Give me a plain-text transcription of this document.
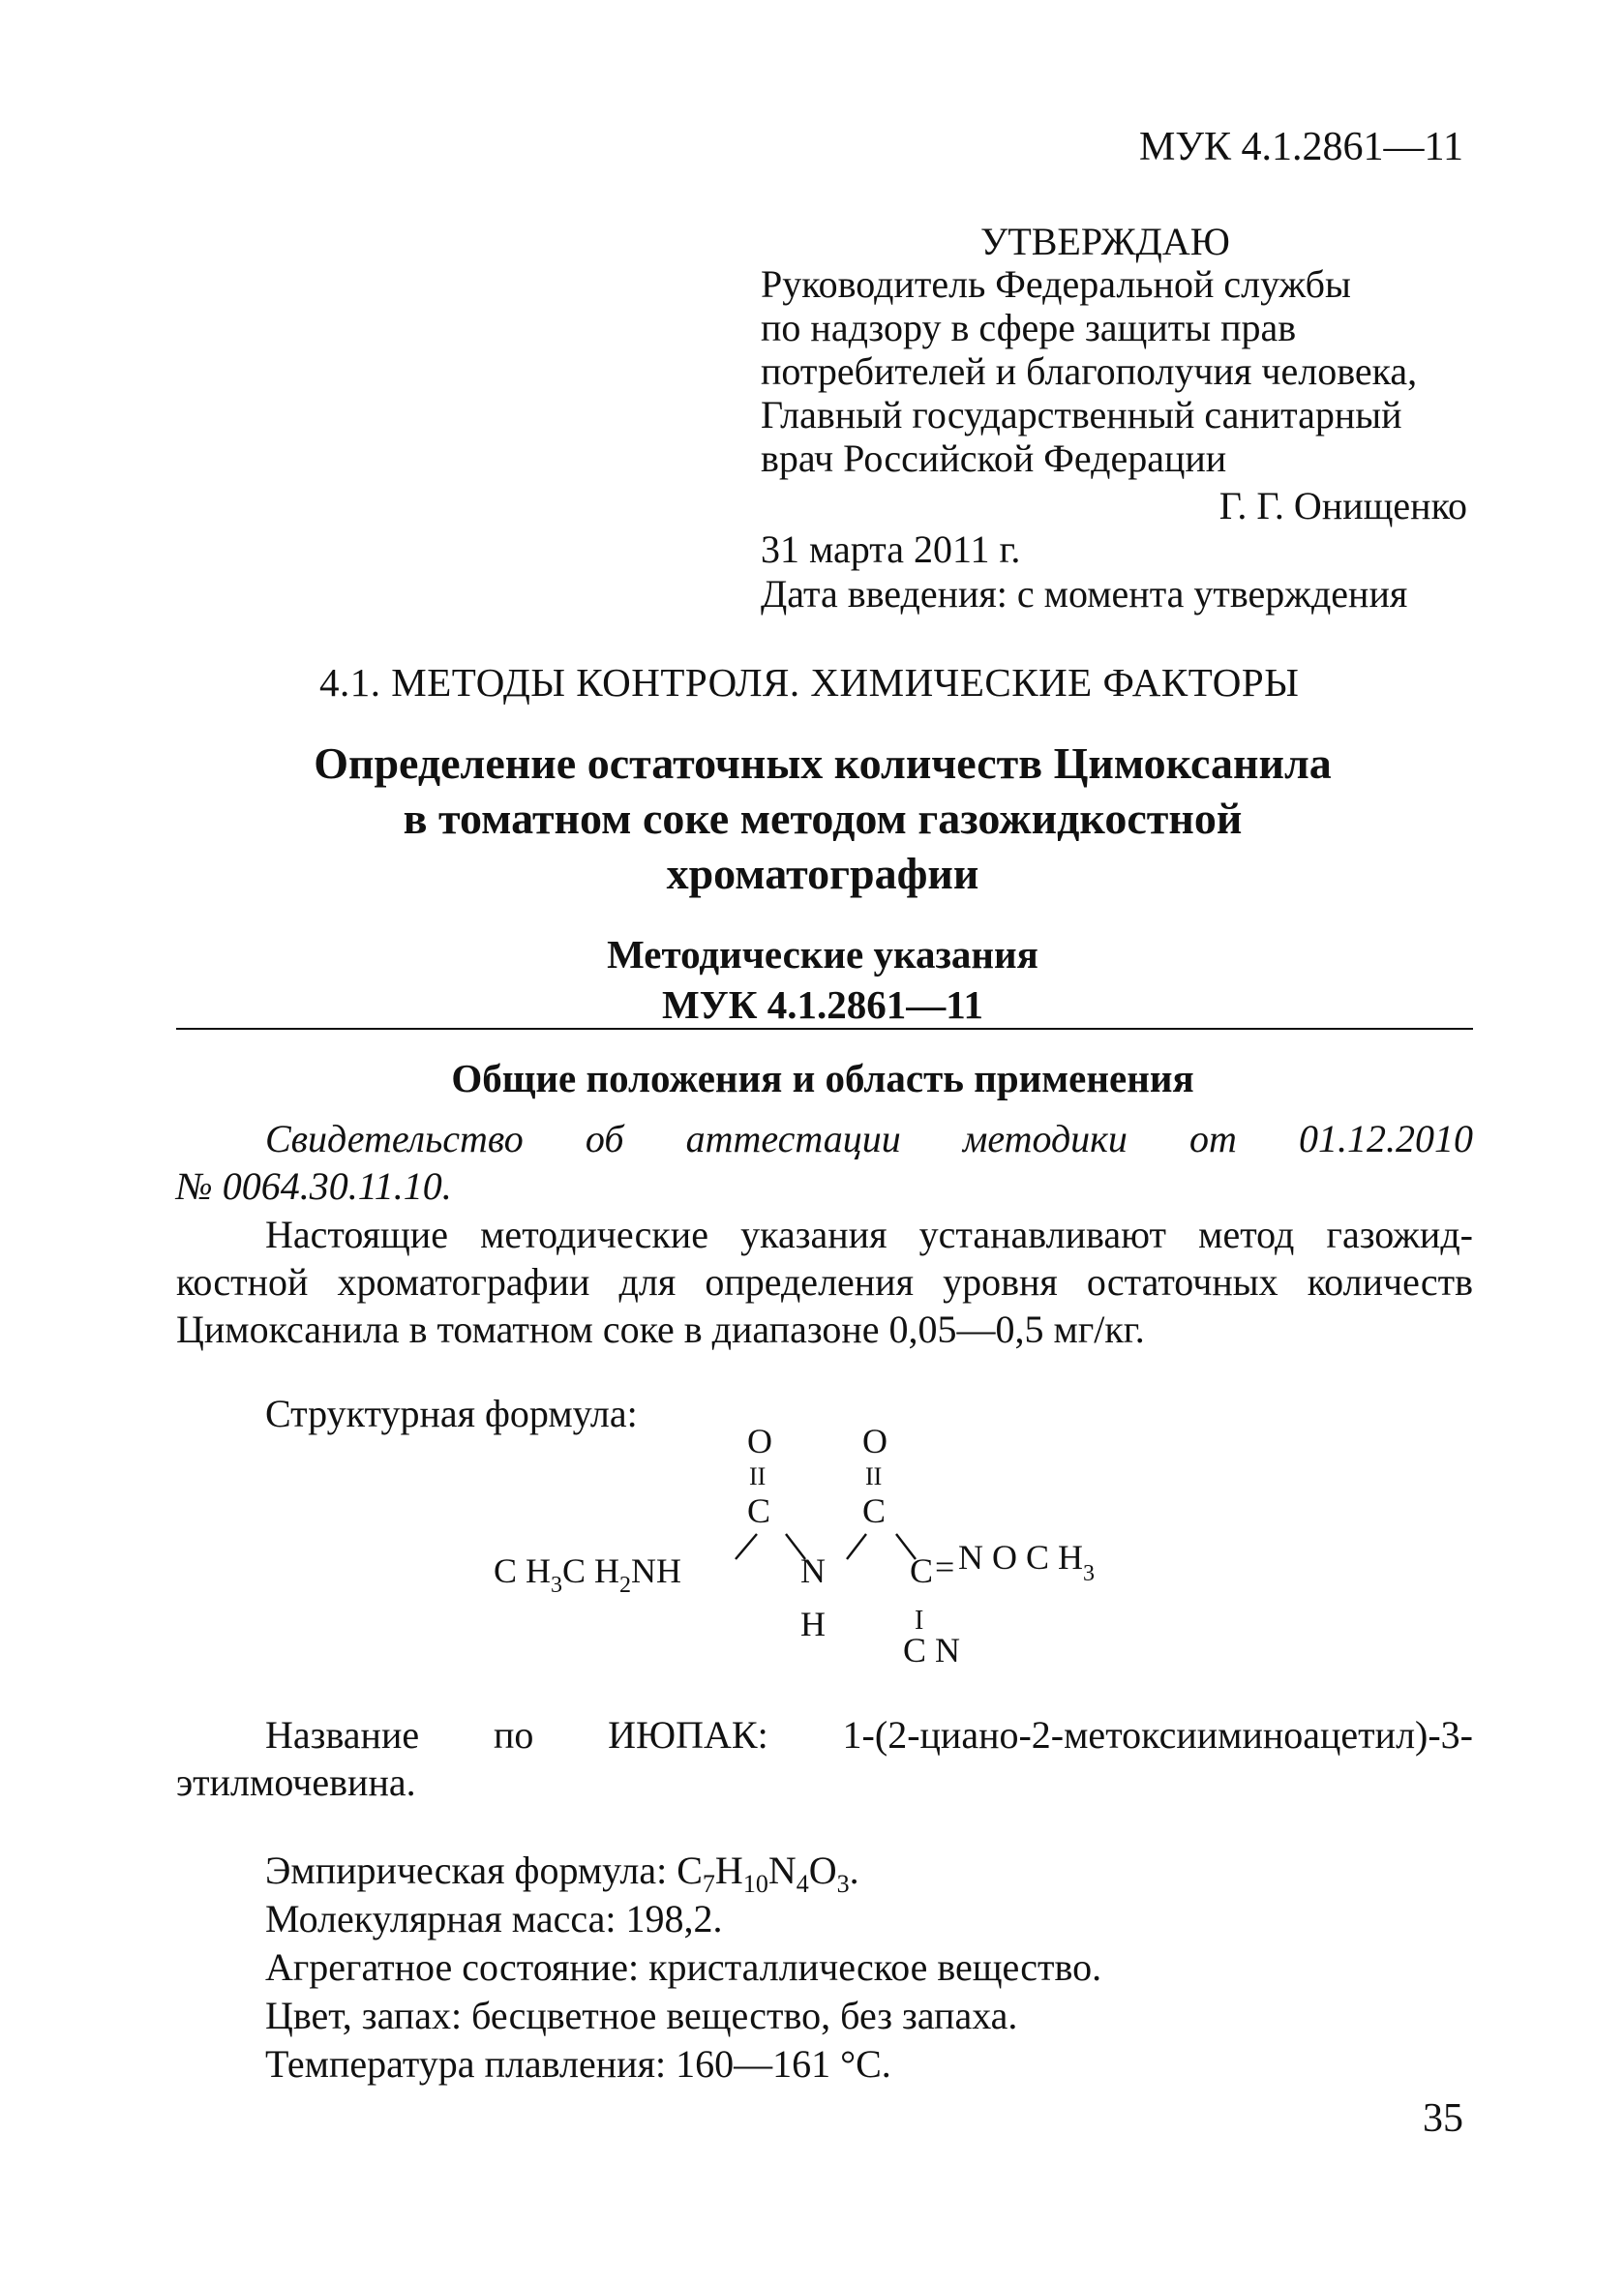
МУК 4.1.2861—11

УТВЕРЖДАЮ

Руководитель Федеральной службы
по надзору в сфере защиты прав
потребителей и благополучия человека,
Главный государственный санитарный
врач Российской Федерации

Г. Г. Онищенко

31 марта 2011 г.

Дата введения: с момента утверждения

4.1. МЕТОДЫ КОНТРОЛЯ. ХИМИЧЕСКИЕ ФАКТОРЫ

Определение остаточных количеств Цимоксанила
в томатном соке методом газожидкостной
хроматографии
Методические указания
МУК 4.1.2861—11

Общие положения и область применения

Свидетельство об аттестации методики от 01.12.2010
№ 0064.30.11.10.
Настоящие методические указания устанавливают метод газожид-
костной хроматографии для определения уровня остаточных количеств
Цимоксанила в томатном соке в диапазоне 0,05—0,5 мг/кг.

Структурная формула:

O	O
II	II
C	C
C $H_3C$ $H_2NH$	N
H
C = N O C $H_3$
I
C N
Название по ИЮПАК: 1-(2-циано-2-метоксииминоацетил)-3-
этилмочевина.

Эмпирическая формула: $C_7H_{10}N_4O_3$.

Молекулярная масса: 198,2.

Агрегатное состояние: кристаллическое вещество.

Цвет, запах: бесцветное вещество, без запаха.

Температура плавления: 160—161 °C.

35
